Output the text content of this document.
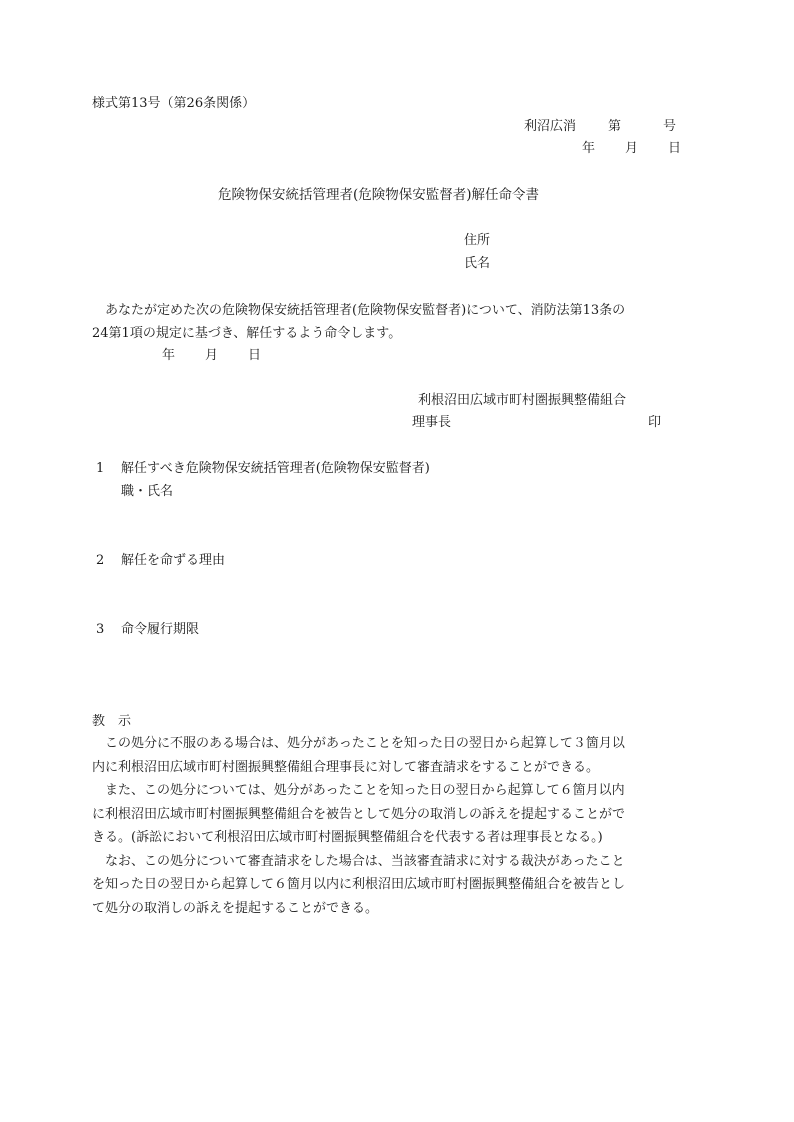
様式第13号（第26条関係）
利沼広消 第	号
年 月 日
危険物保安統括管理者(危険物保安監督者)解任命令書
住所
氏名
あなたが定めた次の危険物保安統括管理者(危険物保安監督者)について、消防法第13条の
24第1項の規定に基づき、解任するよう命令します。
年 月 日
利根沼田広域市町村圏振興整備組合
理事長	印
1 解任すべき危険物保安統括管理者(危険物保安監督者)
職・氏名
2 解任を命ずる理由
3 命令履行期限
教　示
この処分に不服のある場合は、処分があったことを知った日の翌日から起算して３箇月以
内に利根沼田広域市町村圏振興整備組合理事長に対して審査請求をすることができる。
また、この処分については、処分があったことを知った日の翌日から起算して６箇月以内
に利根沼田広域市町村圏振興整備組合を被告として処分の取消しの訴えを提起することがで
きる。(訴訟において利根沼田広域市町村圏振興整備組合を代表する者は理事長となる。)
なお、この処分について審査請求をした場合は、当該審査請求に対する裁決があったこと
を知った日の翌日から起算して６箇月以内に利根沼田広域市町村圏振興整備組合を被告とし
て処分の取消しの訴えを提起することができる。
